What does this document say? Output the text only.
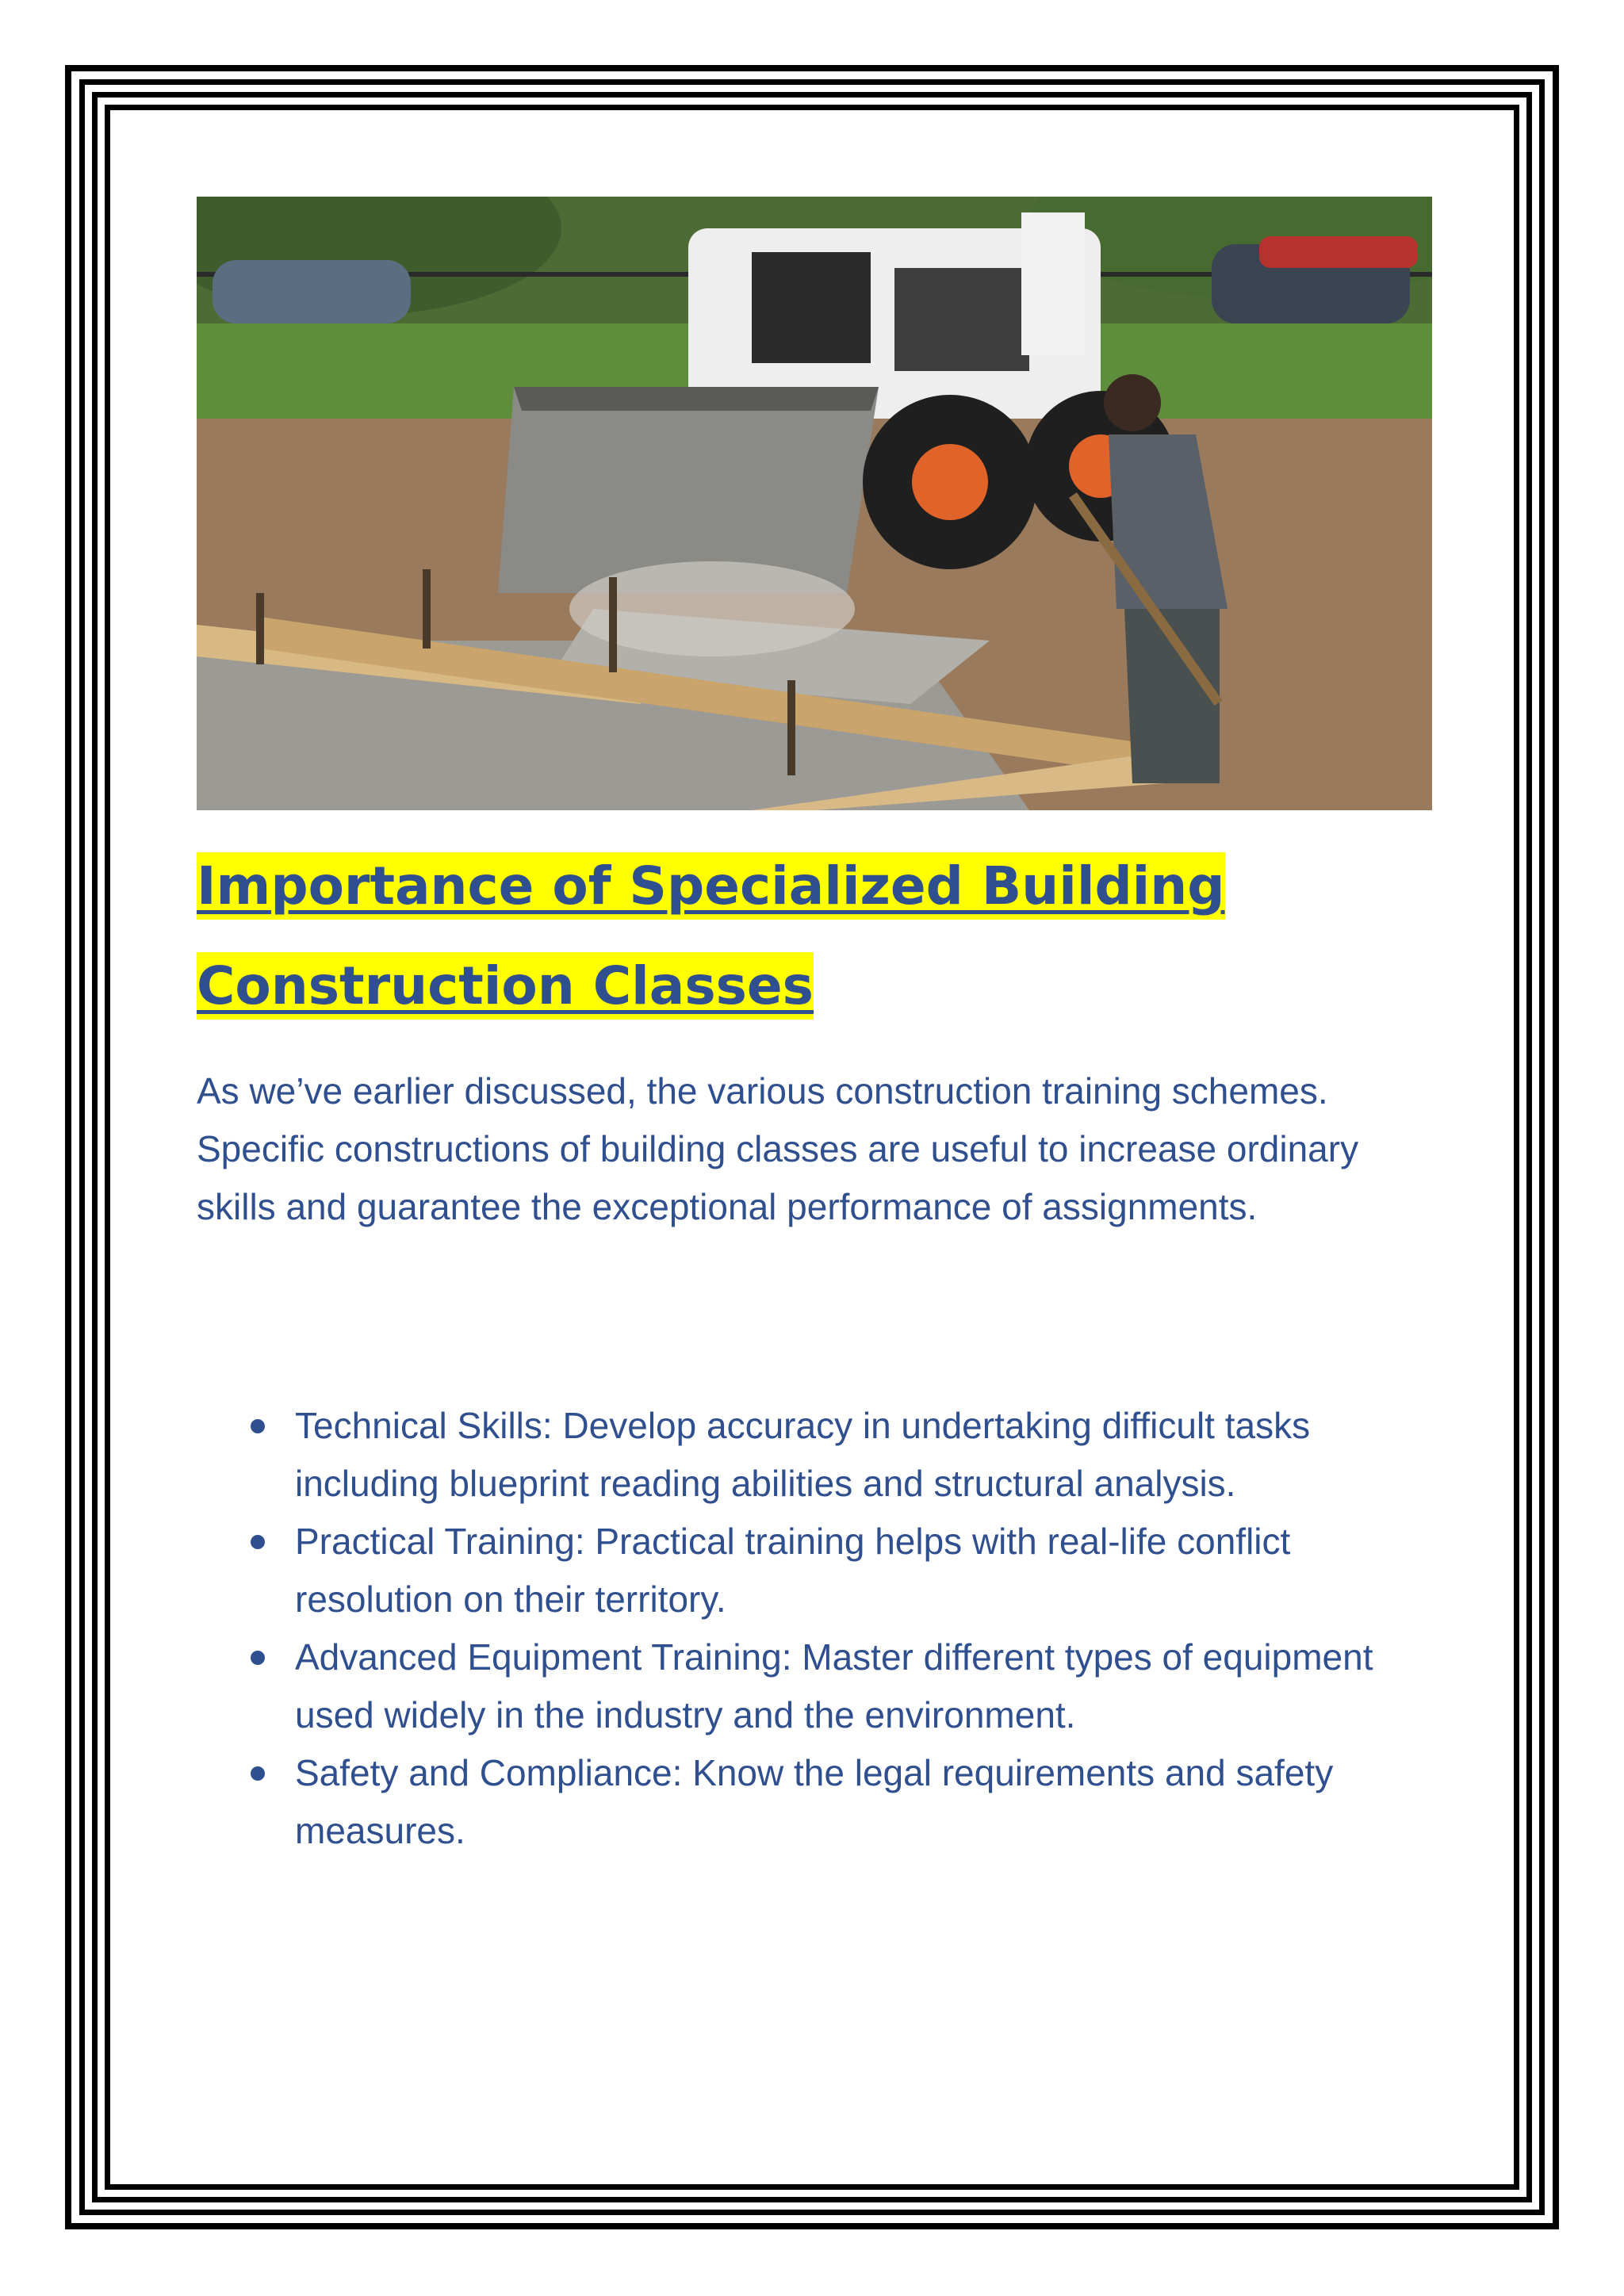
Importance of Specialized Building
Construction Classes

As we’ve earlier discussed, the various construction training schemes. Specific constructions of building classes are useful to increase ordinary skills and guarantee the exceptional performance of assignments.

Technical Skills: Develop accuracy in undertaking difficult tasks including blueprint reading abilities and structural analysis.
Practical Training: Practical training helps with real-life conflict resolution on their territory.
Advanced Equipment Training: Master different types of equipment used widely in the industry and the environment.
Safety and Compliance: Know the legal requirements and safety measures.
